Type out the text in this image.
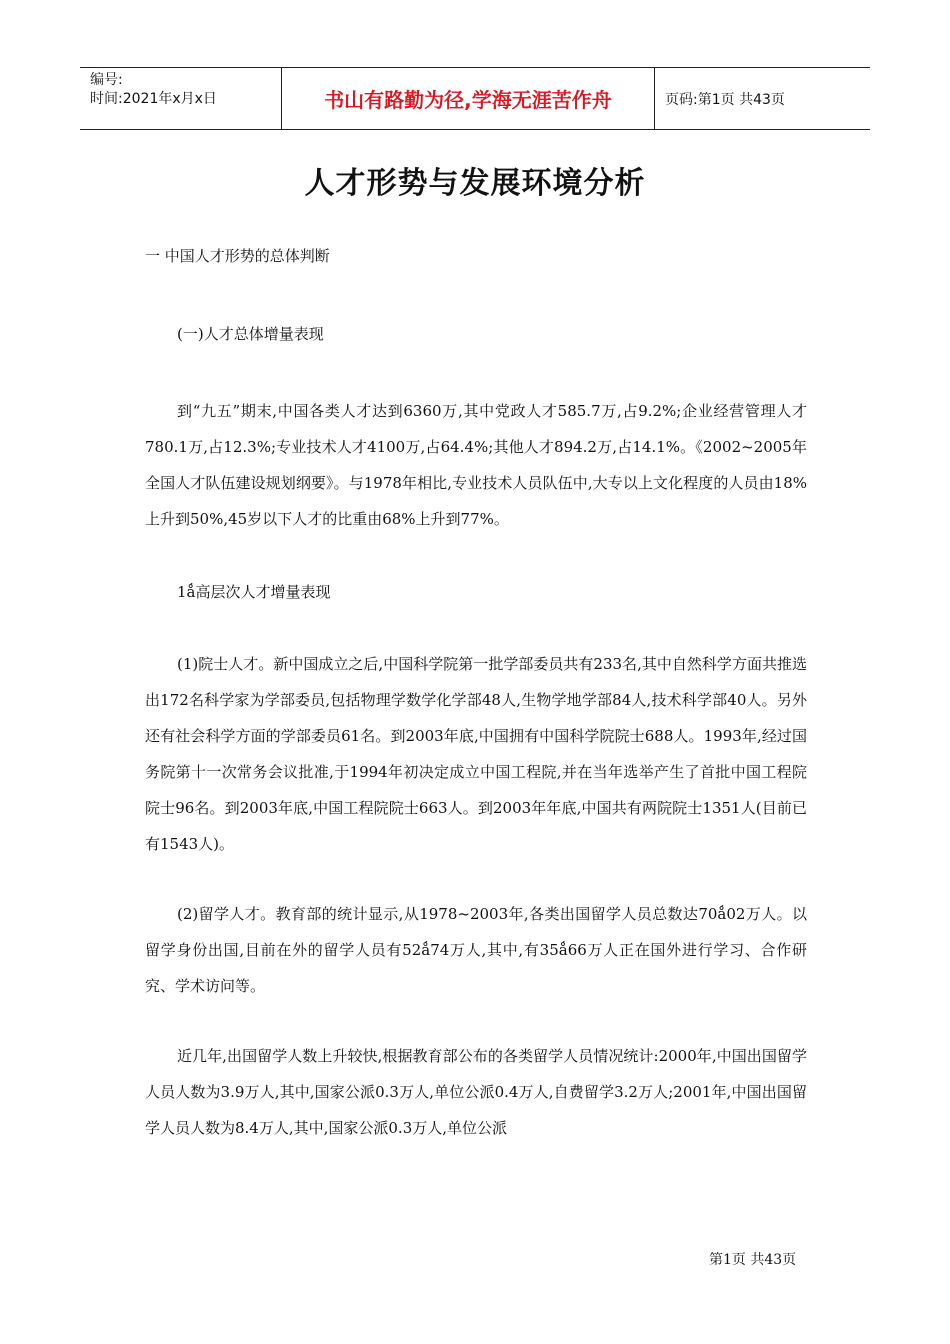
编号:
时间:2021年x月x日	书山有路勤为径,学海无涯苦作舟	页码:第1页 共43页
人才形势与发展环境分析
一 中国人才形势的总体判断
(一)人才总体增量表现

到“九五”期末,中国各类人才达到6360万,其中党政人才585.7万,占9.2%;企业经营管理人才780.1万,占12.3%;专业技术人才4100万,占64.4%;其他人才894.2万,占14.1%。《2002~2005年全国人才队伍建设规划纲要》。与1978年相比,专业技术人员队伍中,大专以上文化程度的人员由18%上升到50%,45岁以下人才的比重由68%上升到77%。

1ǻ高层次人才增量表现

(1)院士人才。新中国成立之后,中国科学院第一批学部委员共有233名,其中自然科学方面共推选出172名科学家为学部委员,包括物理学数学化学部48人,生物学地学部84人,技术科学部40人。另外还有社会科学方面的学部委员61名。到2003年底,中国拥有中国科学院院士688人。1993年,经过国务院第十一次常务会议批准,于1994年初决定成立中国工程院,并在当年选举产生了首批中国工程院院士96名。到2003年底,中国工程院院士663人。到2003年年底,中国共有两院院士1351人(目前已有1543人)。

(2)留学人才。教育部的统计显示,从1978~2003年,各类出国留学人员总数达70ǻ02万人。以留学身份出国,目前在外的留学人员有52ǻ74万人,其中,有35ǻ66万人正在国外进行学习、合作研究、学术访问等。

近几年,出国留学人数上升较快,根据教育部公布的各类留学人员情况统计:2000年,中国出国留学人员人数为3.9万人,其中,国家公派0.3万人,单位公派0.4万人,自费留学3.2万人;2001年,中国出国留学人员人数为8.4万人,其中,国家公派0.3万人,单位公派

第1页 共43页
